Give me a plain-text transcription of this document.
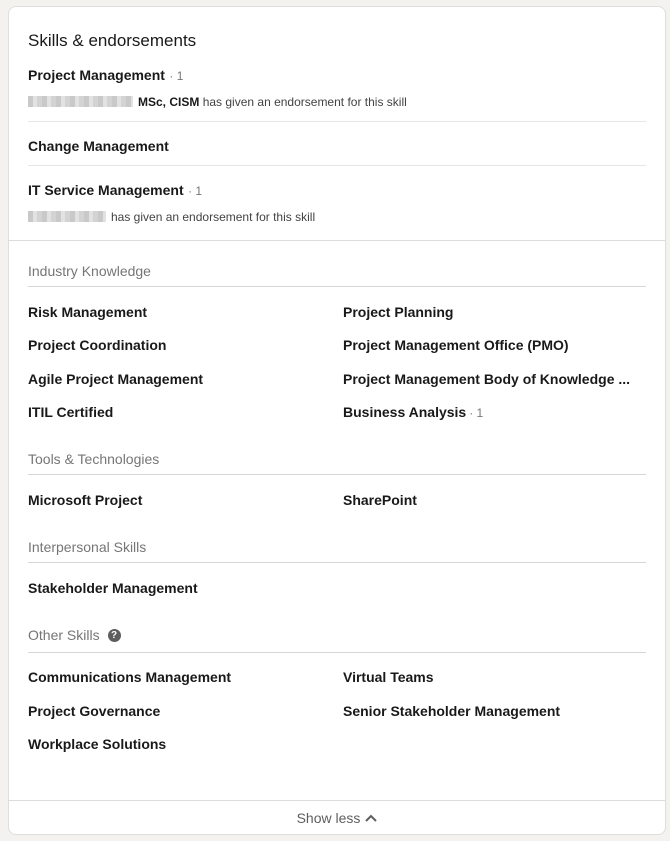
Skills & endorsements
Project Management · 1
MSc, CISM has given an endorsement for this skill
Change Management
IT Service Management · 1
has given an endorsement for this skill
Industry Knowledge
Risk Management	Project Planning
Project Coordination	Project Management Office (PMO)
Agile Project Management	Project Management Body of Knowledge ...
ITIL Certified	Business Analysis · 1
Tools & Technologies
Microsoft Project	SharePoint
Interpersonal Skills
Stakeholder Management
Other Skills	?
Communications Management	Virtual Teams
Project Governance	Senior Stakeholder Management
Workplace Solutions
Show less
